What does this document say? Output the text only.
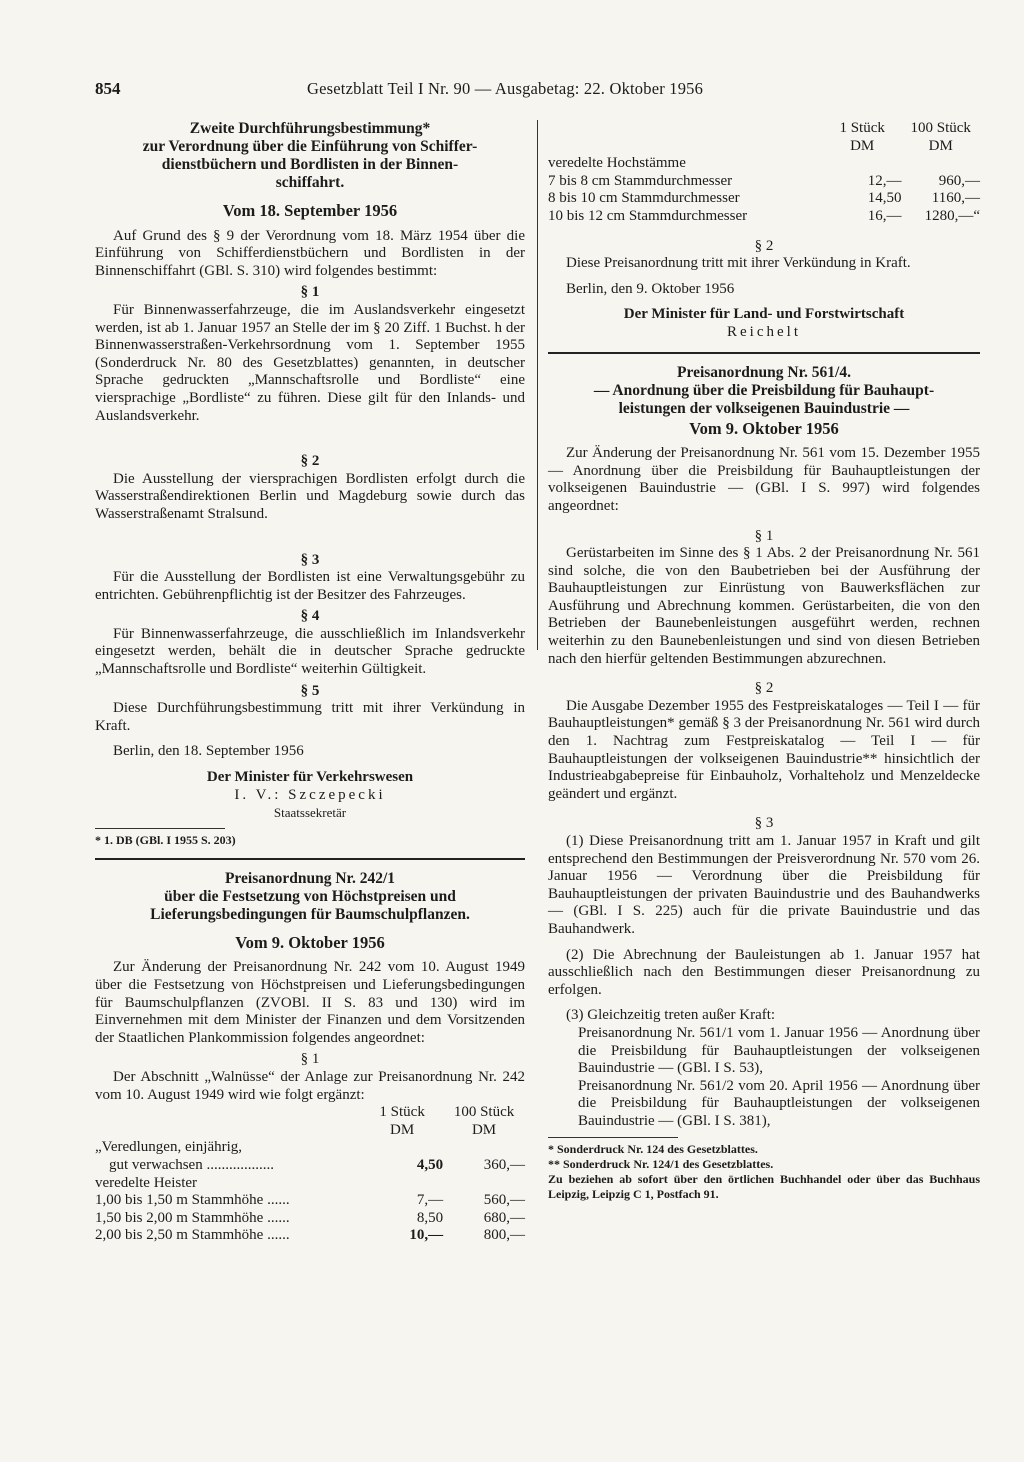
854	Gesetzblatt Teil I Nr. 90 — Ausgabetag: 22. Oktober 1956
Zweite Durchführungsbestimmung*
zur Verordnung über die Einführung von Schiffer-
dienstbüchern und Bordlisten in der Binnen-
schiffahrt.
Vom 18. September 1956

Auf Grund des § 9 der Verordnung vom 18. März 1954 über die Einführung von Schifferdienstbüchern und Bordlisten in der Binnenschiffahrt (GBl. S. 310) wird folgendes bestimmt:

§ 1

Für Binnenwasserfahrzeuge, die im Auslandsverkehr eingesetzt werden, ist ab 1. Januar 1957 an Stelle der im § 20 Ziff. 1 Buchst. h der Binnenwasserstraßen-Verkehrsordnung vom 1. September 1955 (Sonderdruck Nr. 80 des Gesetzblattes) genannten, in deutscher Sprache gedruckten „Mannschaftsrolle und Bordliste“ eine viersprachige „Bordliste“ zu führen. Diese gilt für den Inlands- und Auslandsverkehr.

§ 2

Die Ausstellung der viersprachigen Bordlisten erfolgt durch die Wasserstraßendirektionen Berlin und Magdeburg sowie durch das Wasserstraßenamt Stralsund.

§ 3

Für die Ausstellung der Bordlisten ist eine Verwaltungsgebühr zu entrichten. Gebührenpflichtig ist der Besitzer des Fahrzeuges.

§ 4

Für Binnenwasserfahrzeuge, die ausschließlich im Inlandsverkehr eingesetzt werden, behält die in deutscher Sprache gedruckte „Mannschaftsrolle und Bordliste“ weiterhin Gültigkeit.

§ 5

Diese Durchführungsbestimmung tritt mit ihrer Verkündung in Kraft.

Berlin, den 18. September 1956

Der Minister für Verkehrswesen
I. V.: Szczepecki
Staatssekretär
* 1. DB (GBl. I 1955 S. 203)
Preisanordnung Nr. 242/1
über die Festsetzung von Höchstpreisen und
Lieferungsbedingungen für Baumschulpflanzen.
Vom 9. Oktober 1956

Zur Änderung der Preisanordnung Nr. 242 vom 10. August 1949 über die Festsetzung von Höchstpreisen und Lieferungsbedingungen für Baumschulpflanzen (ZVOBl. II S. 83 und 130) wird im Einvernehmen mit dem Minister der Finanzen und dem Vorsitzenden der Staatlichen Plankommission folgendes angeordnet:

§ 1

Der Abschnitt „Walnüsse“ der Anlage zur Preisanordnung Nr. 242 vom 10. August 1949 wird wie folgt ergänzt:

	1 Stück	100 Stück
	DM	DM
„Veredlungen, einjährig,		
gut verwachsen ..................	4,50	360,—
veredelte Heister		
1,00 bis 1,50 m Stammhöhe ......	7,—	560,—
1,50 bis 2,00 m Stammhöhe ......	8,50	680,—
2,00 bis 2,50 m Stammhöhe ......	10,—	800,—
	1 Stück	100 Stück
	DM	DM
veredelte Hochstämme		
7 bis 8 cm Stammdurchmesser	12,—	960,—
8 bis 10 cm Stammdurchmesser	14,50	1160,—
10 bis 12 cm Stammdurchmesser	16,—	1280,—“
§ 2

Diese Preisanordnung tritt mit ihrer Verkündung in Kraft.

Berlin, den 9. Oktober 1956

Der Minister für Land- und Forstwirtschaft
Reichelt
Preisanordnung Nr. 561/4.
— Anordnung über die Preisbildung für Bauhaupt-
leistungen der volkseigenen Bauindustrie —
Vom 9. Oktober 1956

Zur Änderung der Preisanordnung Nr. 561 vom 15. Dezember 1955 — Anordnung über die Preisbildung für Bauhauptleistungen der volkseigenen Bauindustrie — (GBl. I S. 997) wird folgendes angeordnet:

§ 1

Gerüstarbeiten im Sinne des § 1 Abs. 2 der Preisanordnung Nr. 561 sind solche, die von den Baubetrieben bei der Ausführung der Bauhauptleistungen zur Einrüstung von Bauwerksflächen zur Ausführung und Abrechnung kommen. Gerüstarbeiten, die von den Betrieben der Baunebenleistungen ausgeführt werden, rechnen weiterhin zu den Baunebenleistungen und sind von diesen Betrieben nach den hierfür geltenden Bestimmungen abzurechnen.

§ 2

Die Ausgabe Dezember 1955 des Festpreiskataloges — Teil I — für Bauhauptleistungen* gemäß § 3 der Preisanordnung Nr. 561 wird durch den 1. Nachtrag zum Festpreiskatalog — Teil I — für Bauhauptleistungen der volkseigenen Bauindustrie** hinsichtlich der Industrieabgabepreise für Einbauholz, Vorhalteholz und Menzeldecke geändert und ergänzt.

§ 3

(1) Diese Preisanordnung tritt am 1. Januar 1957 in Kraft und gilt entsprechend den Bestimmungen der Preisverordnung Nr. 570 vom 26. Januar 1956 — Verordnung über die Preisbildung für Bauhauptleistungen der privaten Bauindustrie und des Bauhandwerks — (GBl. I S. 225) auch für die private Bauindustrie und das Bauhandwerk.

(2) Die Abrechnung der Bauleistungen ab 1. Januar 1957 hat ausschließlich nach den Bestimmungen dieser Preisanordnung zu erfolgen.

(3) Gleichzeitig treten außer Kraft:

Preisanordnung Nr. 561/1 vom 1. Januar 1956 — Anordnung über die Preisbildung für Bauhauptleistungen der volkseigenen Bauindustrie — (GBl. I S. 53),

Preisanordnung Nr. 561/2 vom 20. April 1956 — Anordnung über die Preisbildung für Bauhauptleistungen der volkseigenen Bauindustrie — (GBl. I S. 381),

* Sonderdruck Nr. 124 des Gesetzblattes.
** Sonderdruck Nr. 124/1 des Gesetzblattes.
Zu beziehen ab sofort über den örtlichen Buchhandel oder über das Buchhaus Leipzig, Leipzig C 1, Postfach 91.
